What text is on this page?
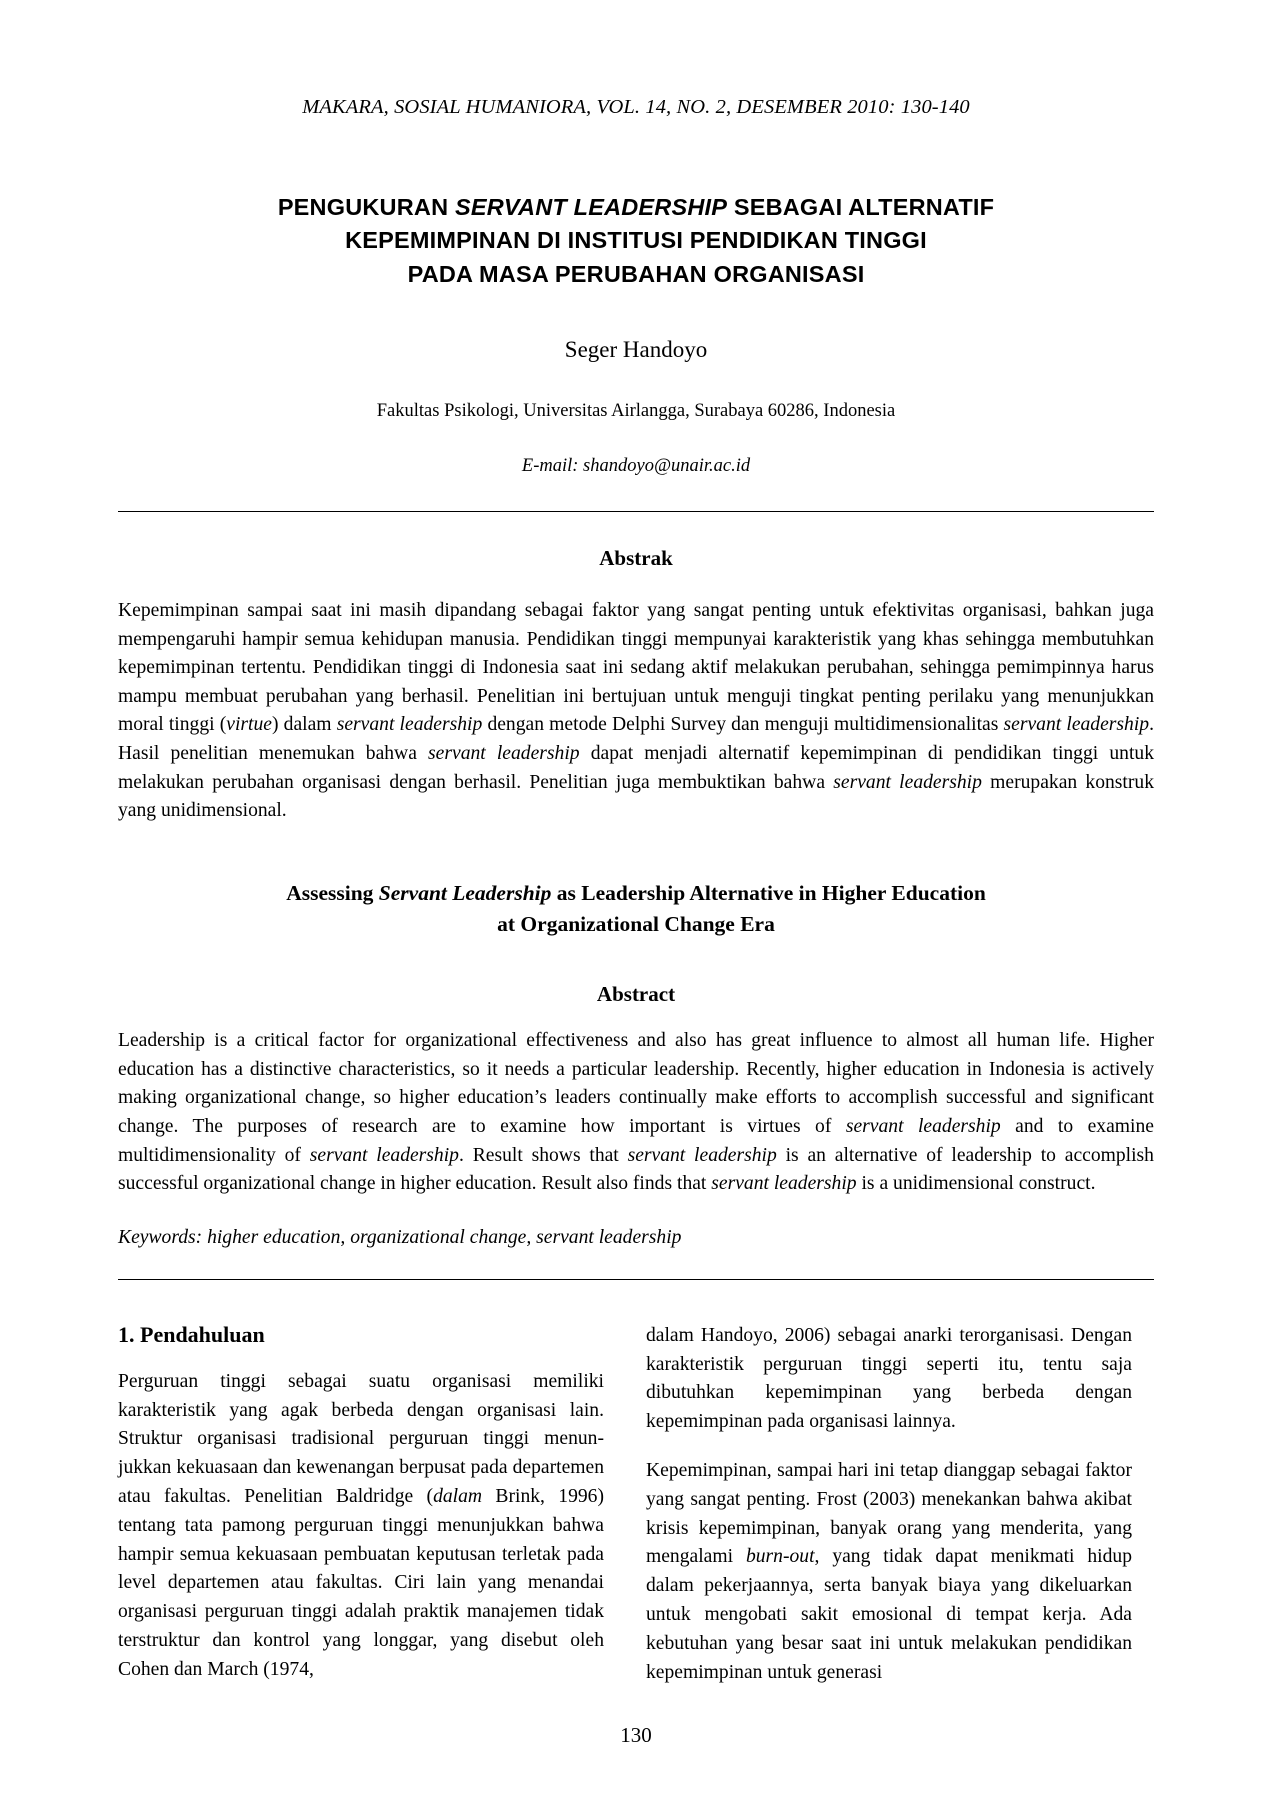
MAKARA, SOSIAL HUMANIORA, VOL. 14, NO. 2, DESEMBER 2010: 130-140
PENGUKURAN SERVANT LEADERSHIP SEBAGAI ALTERNATIF
KEPEMIMPINAN DI INSTITUSI PENDIDIKAN TINGGI
PADA MASA PERUBAHAN ORGANISASI
Seger Handoyo
Fakultas Psikologi, Universitas Airlangga, Surabaya 60286, Indonesia
E-mail: shandoyo@unair.ac.id
Abstrak
Kepemimpinan sampai saat ini masih dipandang sebagai faktor yang sangat penting untuk efektivitas organisasi, bahkan juga mempengaruhi hampir semua kehidupan manusia. Pendidikan tinggi mempunyai karakteristik yang khas sehingga membutuhkan kepemimpinan tertentu. Pendidikan tinggi di Indonesia saat ini sedang aktif melakukan perubahan, sehingga pemimpinnya harus mampu membuat perubahan yang berhasil. Penelitian ini bertujuan untuk menguji tingkat penting perilaku yang menunjukkan moral tinggi (virtue) dalam servant leadership dengan metode Delphi Survey dan menguji multidimensionalitas servant leadership. Hasil penelitian menemukan bahwa servant leadership dapat menjadi alternatif kepemimpinan di pendidikan tinggi untuk melakukan perubahan organisasi dengan berhasil. Penelitian juga membuktikan bahwa servant leadership merupakan konstruk yang unidimensional.
Assessing Servant Leadership as Leadership Alternative in Higher Education
at Organizational Change Era
Abstract
Leadership is a critical factor for organizational effectiveness and also has great influence to almost all human life. Higher education has a distinctive characteristics, so it needs a particular leadership. Recently, higher education in Indonesia is actively making organizational change, so higher education’s leaders continually make efforts to accomplish successful and significant change. The purposes of research are to examine how important is virtues of servant leadership and to examine multidimensionality of servant leadership. Result shows that servant leadership is an alternative of leadership to accomplish successful organizational change in higher education. Result also finds that servant leadership is a unidimensional construct.
Keywords: higher education, organizational change, servant leadership
1. Pendahuluan

Perguruan tinggi sebagai suatu organisasi memiliki karakteristik yang agak berbeda dengan organisasi lain. Struktur organisasi tradisional perguruan tinggi menun-jukkan kekuasaan dan kewenangan berpusat pada departemen atau fakultas. Penelitian Baldridge (dalam Brink, 1996) tentang tata pamong perguruan tinggi menunjukkan bahwa hampir semua kekuasaan pembuatan keputusan terletak pada level departemen atau fakultas. Ciri lain yang menandai organisasi perguruan tinggi adalah praktik manajemen tidak terstruktur dan kontrol yang longgar, yang disebut oleh Cohen dan March (1974,

dalam Handoyo, 2006) sebagai anarki terorganisasi. Dengan karakteristik perguruan tinggi seperti itu, tentu saja dibutuhkan kepemimpinan yang berbeda dengan kepemimpinan pada organisasi lainnya.

Kepemimpinan, sampai hari ini tetap dianggap sebagai faktor yang sangat penting. Frost (2003) menekankan bahwa akibat krisis kepemimpinan, banyak orang yang menderita, yang mengalami burn-out, yang tidak dapat menikmati hidup dalam pekerjaannya, serta banyak biaya yang dikeluarkan untuk mengobati sakit emosional di tempat kerja. Ada kebutuhan yang besar saat ini untuk melakukan pendidikan kepemimpinan untuk generasi

130
